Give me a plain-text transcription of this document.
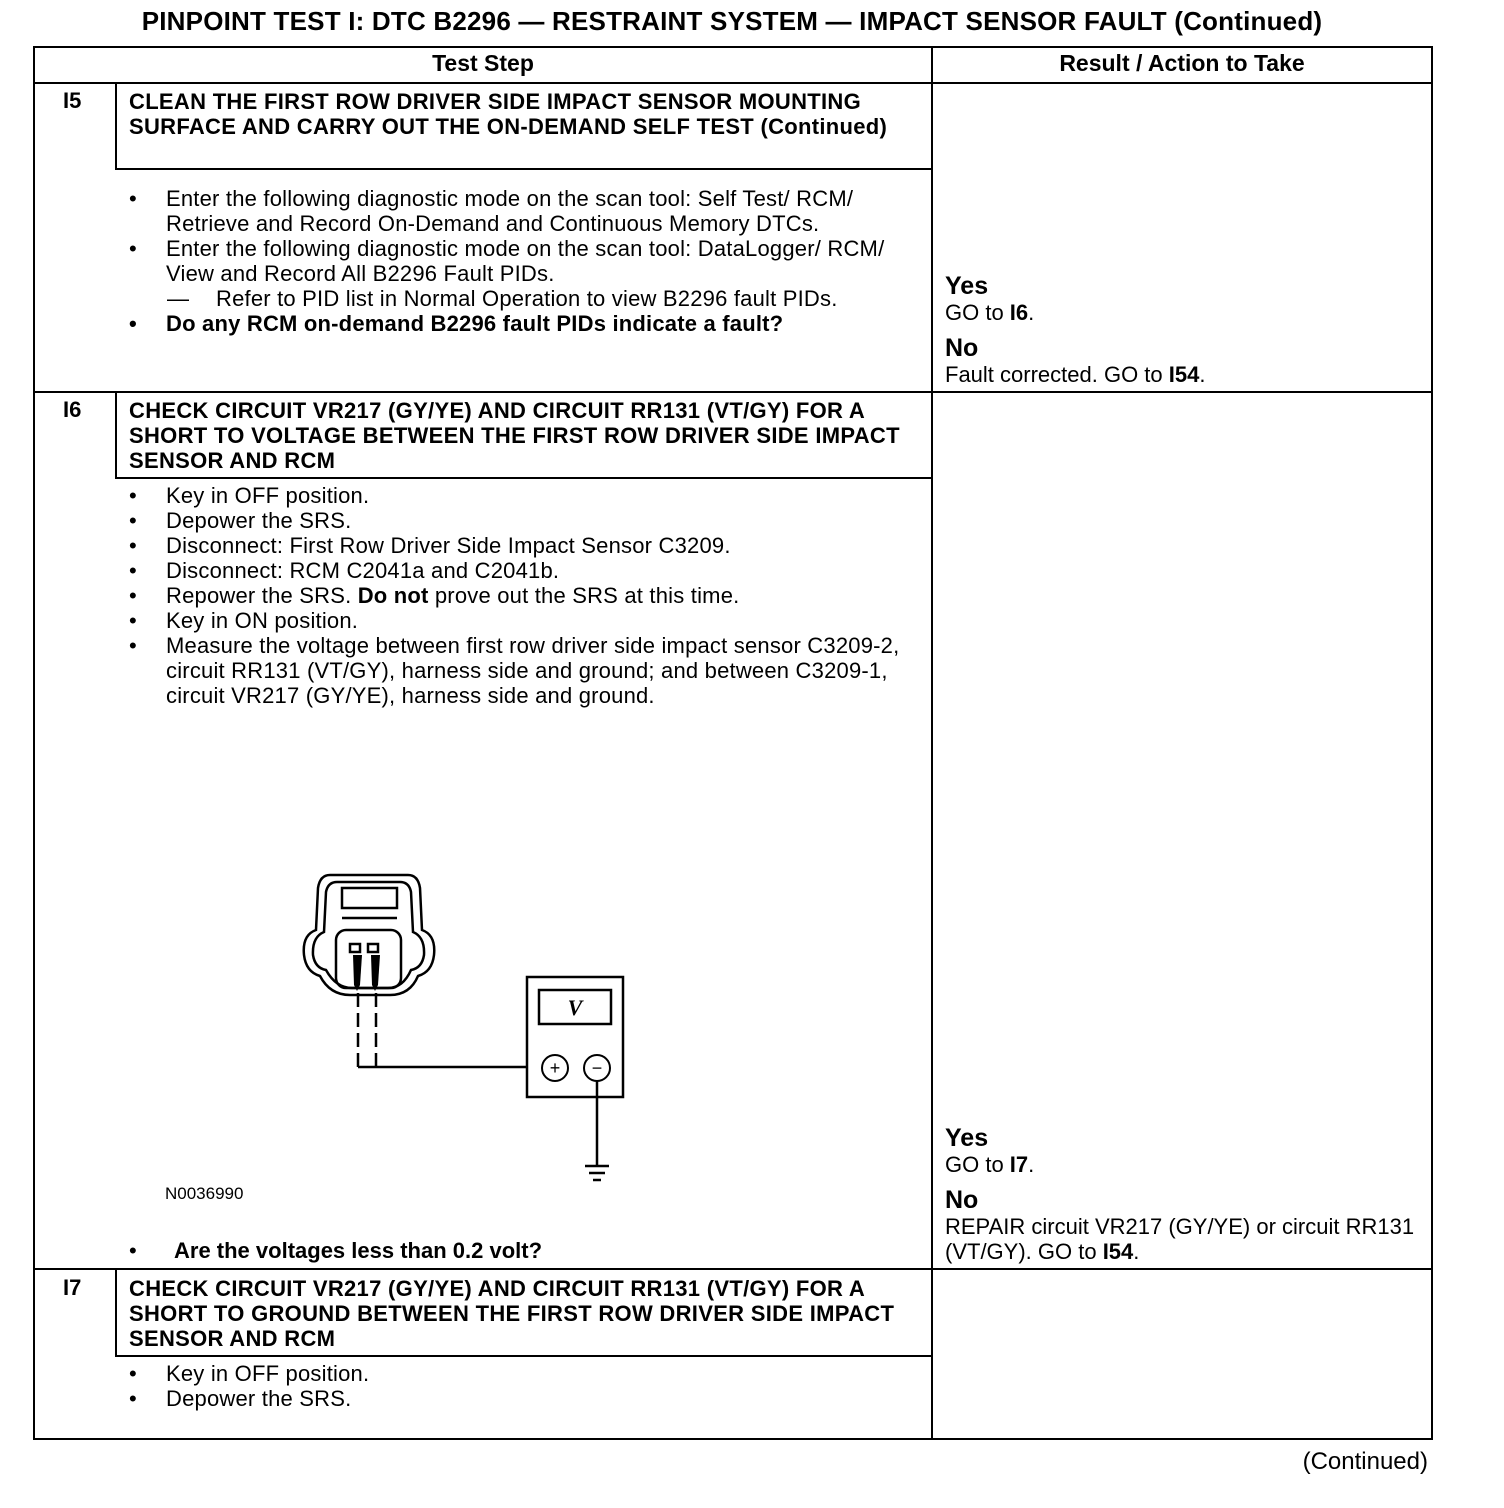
PINPOINT TEST I: DTC B2296 — RESTRAINT SYSTEM — IMPACT SENSOR FAULT (Continued)
Test Step	Result / Action to Take
I5 CLEAN THE FIRST ROW DRIVER SIDE IMPACT SENSOR MOUNTING SURFACE AND CARRY OUT THE ON-DEMAND SELF TEST (Continued)
• Enter the following diagnostic mode on the scan tool: Self Test/ RCM/ Retrieve and Record On-Demand and Continuous Memory DTCs.
• Enter the following diagnostic mode on the scan tool: DataLogger/ RCM/ View and Record All B2296 Fault PIDs.
— Refer to PID list in Normal Operation to view B2296 fault PIDs.
• Do any RCM on-demand B2296 fault PIDs indicate a fault?
Yes
GO to I6.
No
Fault corrected. GO to I54.
I6 CHECK CIRCUIT VR217 (GY/YE) AND CIRCUIT RR131 (VT/GY) FOR A SHORT TO VOLTAGE BETWEEN THE FIRST ROW DRIVER SIDE IMPACT SENSOR AND RCM
• Key in OFF position.
• Depower the SRS.
• Disconnect: First Row Driver Side Impact Sensor C3209.
• Disconnect: RCM C2041a and C2041b.
• Repower the SRS. Do not prove out the SRS at this time.
• Key in ON position.
• Measure the voltage between first row driver side impact sensor C3209-2, circuit RR131 (VT/GY), harness side and ground; and between C3209-1, circuit VR217 (GY/YE), harness side and ground.
V
+ −
N0036990
• Are the voltages less than 0.2 volt?
Yes
GO to I7.
No
REPAIR circuit VR217 (GY/YE) or circuit RR131 (VT/GY). GO to I54.
I7 CHECK CIRCUIT VR217 (GY/YE) AND CIRCUIT RR131 (VT/GY) FOR A SHORT TO GROUND BETWEEN THE FIRST ROW DRIVER SIDE IMPACT SENSOR AND RCM
• Key in OFF position.
• Depower the SRS.
(Continued)
